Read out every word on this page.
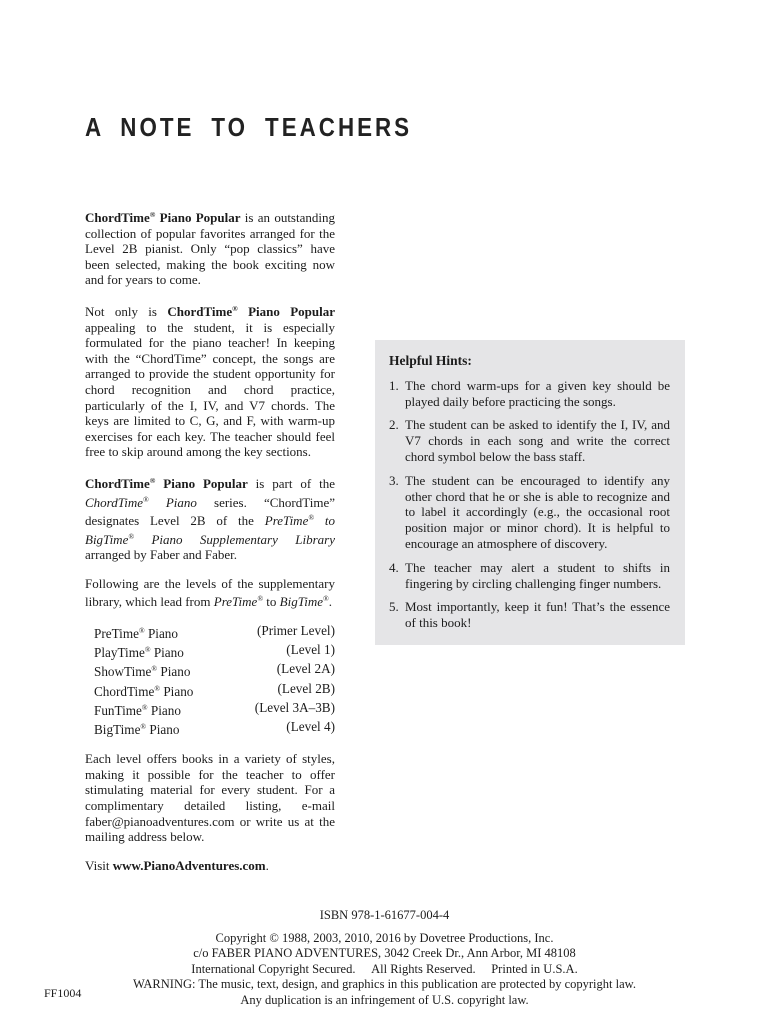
A NOTE TO TEACHERS

ChordTime® Piano Popular is an outstanding collection of popular favorites arranged for the Level 2B pianist. Only “pop classics” have been selected, making the book exciting now and for years to come.

Not only is ChordTime® Piano Popular appealing to the student, it is especially formulated for the piano teacher! In keeping with the “ChordTime” concept, the songs are arranged to provide the student opportunity for chord recognition and chord practice, particularly of the I, IV, and V7 chords. The keys are limited to C, G, and F, with warm-up exercises for each key. The teacher should feel free to skip around among the key sections.

ChordTime® Piano Popular is part of the ChordTime® Piano series. “ChordTime” designates Level 2B of the PreTime® to BigTime® Piano Supplementary Library arranged by Faber and Faber.

Following are the levels of the supplementary library, which lead from PreTime® to BigTime®.

PreTime® Piano	(Primer Level)
PlayTime® Piano	(Level 1)
ShowTime® Piano	(Level 2A)
ChordTime® Piano	(Level 2B)
FunTime® Piano	(Level 3A–3B)
BigTime® Piano	(Level 4)

Each level offers books in a variety of styles, making it possible for the teacher to offer stimulating material for every student. For a complimentary detailed listing, e-mail faber@pianoadventures.com or write us at the mailing address below.

Visit www.PianoAdventures.com.

Helpful Hints:

1. The chord warm-ups for a given key should be played daily before practicing the songs.
2. The student can be asked to identify the I, IV, and V7 chords in each song and write the correct chord symbol below the bass staff.
3. The student can be encouraged to identify any other chord that he or she is able to recognize and to label it accordingly (e.g., the occasional root position major or minor chord). It is helpful to encourage an atmosphere of discovery.
4. The teacher may alert a student to shifts in fingering by circling challenging finger numbers.
5. Most importantly, keep it fun! That’s the essence of this book!

ISBN 978-1-61677-004-4

Copyright © 1988, 2003, 2010, 2016 by Dovetree Productions, Inc.

c/o FABER PIANO ADVENTURES, 3042 Creek Dr., Ann Arbor, MI 48108

International Copyright Secured.     All Rights Reserved.     Printed in U.S.A.

WARNING: The music, text, design, and graphics in this publication are protected by copyright law.

Any duplication is an infringement of U.S. copyright law.

FF1004
